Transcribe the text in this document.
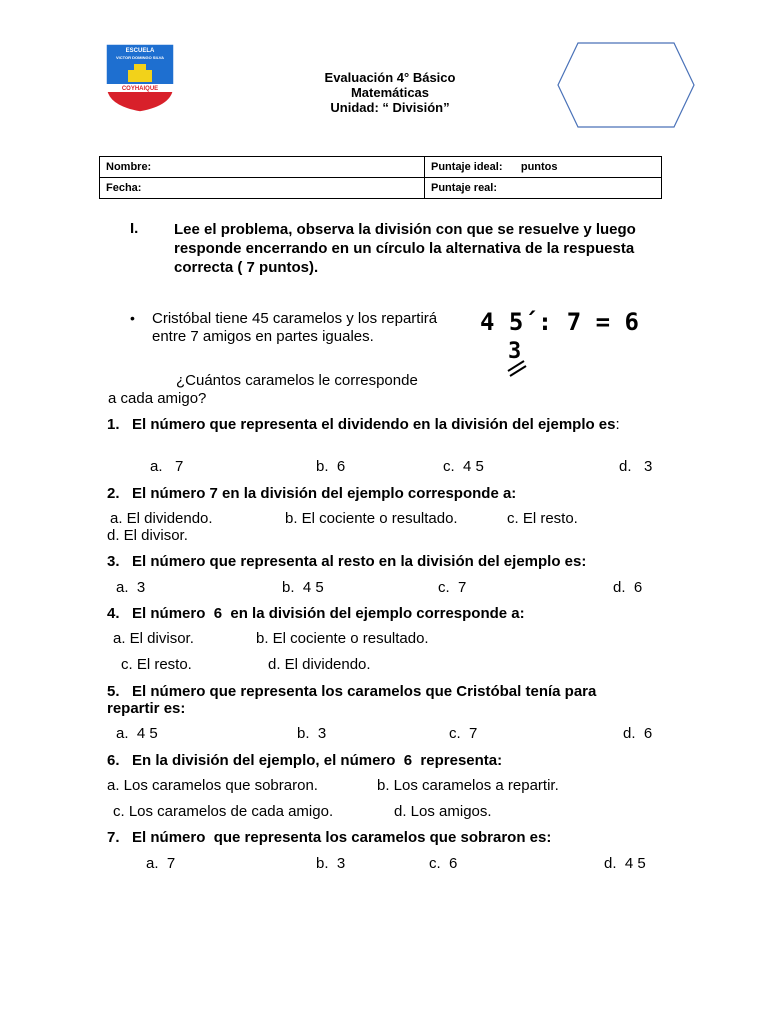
ESCUELA
VICTOR DOMINGO SILVA
COYHAIQUE
Evaluación 4° Básico
Matemáticas
Unidad: “ División”
Nombre:	Puntaje ideal:      puntos
Fecha:	Puntaje real:
I. Lee el problema, observa la división con que se resuelve y luego responde encerrando en un círculo la alternativa de la respuesta correcta ( 7 puntos).
• Cristóbal tiene 45 caramelos y los repartirá entre 7 amigos en partes iguales.
¿Cuántos caramelos le corresponde
a cada amigo?
4 5´: 7 = 6
3
1. El número que representa el dividendo en la división del ejemplo es:
a.   7	b.  6	c.  4 5	d.   3
2. El número 7 en la división del ejemplo corresponde a:
a. El dividendo.	b. El cociente o resultado.	c. El resto.
d. El divisor.
3. El número que representa al resto en la división del ejemplo es:
a.  3	b.  4 5	c.  7	d.  6
4. El número  6  en la división del ejemplo corresponde a:
a. El divisor.	b. El cociente o resultado.
c. El resto.	d. El dividendo.
5. El número que representa los caramelos que Cristóbal tenía para repartir es:
a.  4 5	b.  3	c.  7	d.  6
6. En la división del ejemplo, el número  6  representa:
a. Los caramelos que sobraron.	b. Los caramelos a repartir.
c. Los caramelos de cada amigo.	d. Los amigos.
7. El número  que representa los caramelos que sobraron es:
a.  7	b.  3	c.  6	d.  4 5
